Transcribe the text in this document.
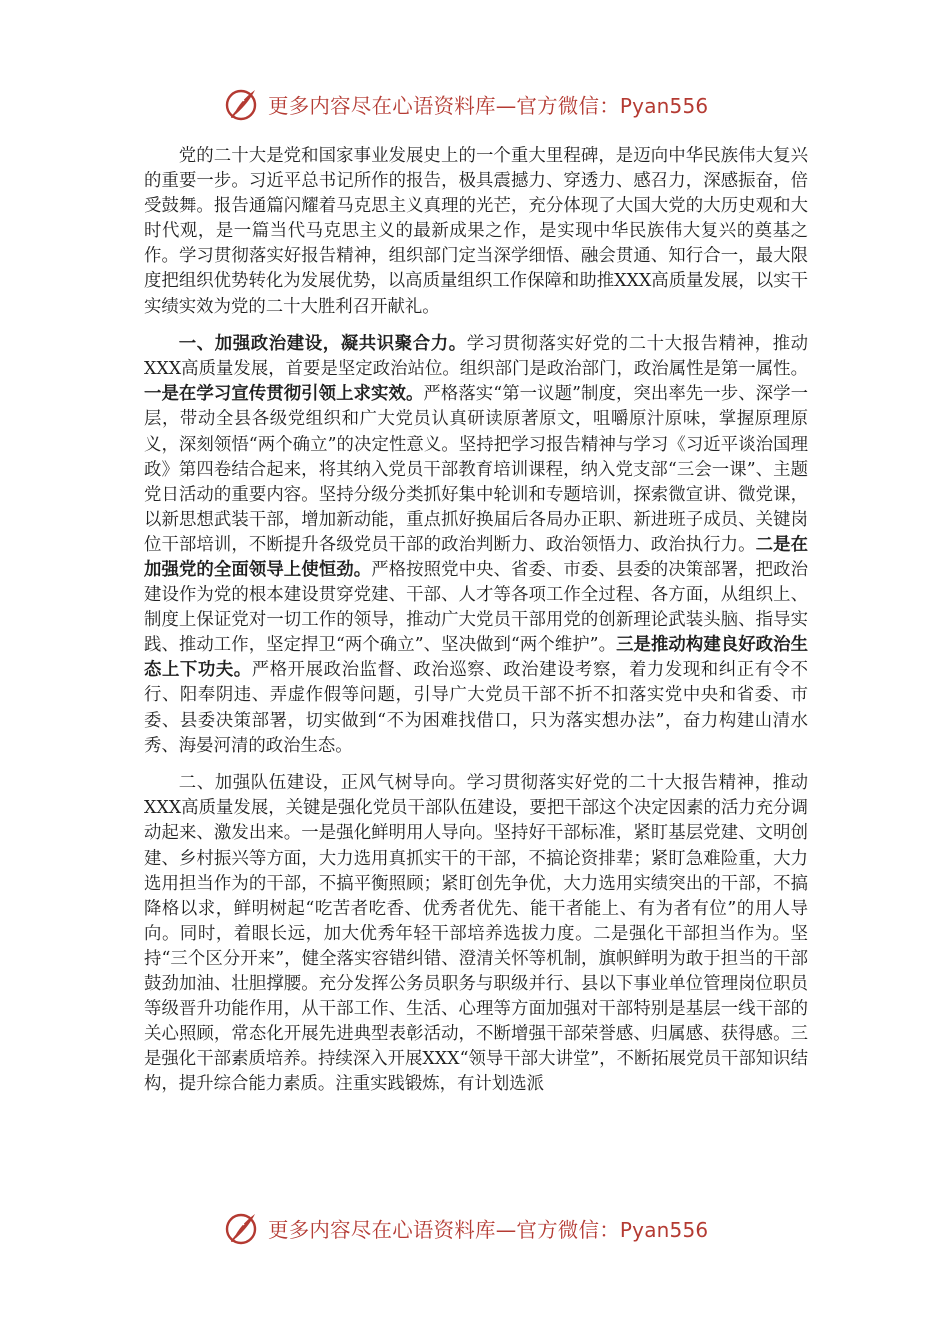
更多内容尽在心语资料库—官方微信：Pyan556

党的二十大是党和国家事业发展史上的一个重大里程碑，是迈向中华民族伟大复兴的重要一步。习近平总书记所作的报告，极具震撼力、穿透力、感召力，深感振奋，倍受鼓舞。报告通篇闪耀着马克思主义真理的光芒，充分体现了大国大党的大历史观和大时代观，是一篇当代马克思主义的最新成果之作，是实现中华民族伟大复兴的奠基之作。学习贯彻落实好报告精神，组织部门定当深学细悟、融会贯通、知行合一，最大限度把组织优势转化为发展优势，以高质量组织工作保障和助推XXX高质量发展，以实干实绩实效为党的二十大胜利召开献礼。

一、加强政治建设，凝共识聚合力。学习贯彻落实好党的二十大报告精神，推动XXX高质量发展，首要是坚定政治站位。组织部门是政治部门，政治属性是第一属性。一是在学习宣传贯彻引领上求实效。严格落实“第一议题”制度，突出率先一步、深学一层，带动全县各级党组织和广大党员认真研读原著原文，咀嚼原汁原味，掌握原理原义，深刻领悟“两个确立”的决定性意义。坚持把学习报告精神与学习《习近平谈治国理政》第四卷结合起来，将其纳入党员干部教育培训课程，纳入党支部“三会一课”、主题党日活动的重要内容。坚持分级分类抓好集中轮训和专题培训，探索微宣讲、微党课，以新思想武装干部，增加新动能，重点抓好换届后各局办正职、新进班子成员、关键岗位干部培训，不断提升各级党员干部的政治判断力、政治领悟力、政治执行力。二是在加强党的全面领导上使恒劲。严格按照党中央、省委、市委、县委的决策部署，把政治建设作为党的根本建设贯穿党建、干部、人才等各项工作全过程、各方面，从组织上、制度上保证党对一切工作的领导，推动广大党员干部用党的创新理论武装头脑、指导实践、推动工作，坚定捍卫“两个确立”、坚决做到“两个维护”。三是推动构建良好政治生态上下功夫。严格开展政治监督、政治巡察、政治建设考察，着力发现和纠正有令不行、阳奉阴违、弄虚作假等问题，引导广大党员干部不折不扣落实党中央和省委、市委、县委决策部署，切实做到“不为困难找借口，只为落实想办法”，奋力构建山清水秀、海晏河清的政治生态。

二、加强队伍建设，正风气树导向。学习贯彻落实好党的二十大报告精神，推动XXX高质量发展，关键是强化党员干部队伍建设，要把干部这个决定因素的活力充分调动起来、激发出来。一是强化鲜明用人导向。坚持好干部标准，紧盯基层党建、文明创建、乡村振兴等方面，大力选用真抓实干的干部，不搞论资排辈；紧盯急难险重，大力选用担当作为的干部，不搞平衡照顾；紧盯创先争优，大力选用实绩突出的干部，不搞降格以求，鲜明树起“吃苦者吃香、优秀者优先、能干者能上、有为者有位”的用人导向。同时，着眼长远，加大优秀年轻干部培养选拔力度。二是强化干部担当作为。坚持“三个区分开来”，健全落实容错纠错、澄清关怀等机制，旗帜鲜明为敢于担当的干部鼓劲加油、壮胆撑腰。充分发挥公务员职务与职级并行、县以下事业单位管理岗位职员等级晋升功能作用，从干部工作、生活、心理等方面加强对干部特别是基层一线干部的关心照顾，常态化开展先进典型表彰活动，不断增强干部荣誉感、归属感、获得感。三是强化干部素质培养。持续深入开展XXX“领导干部大讲堂”，不断拓展党员干部知识结构，提升综合能力素质。注重实践锻炼，有计划选派

更多内容尽在心语资料库—官方微信：Pyan556
